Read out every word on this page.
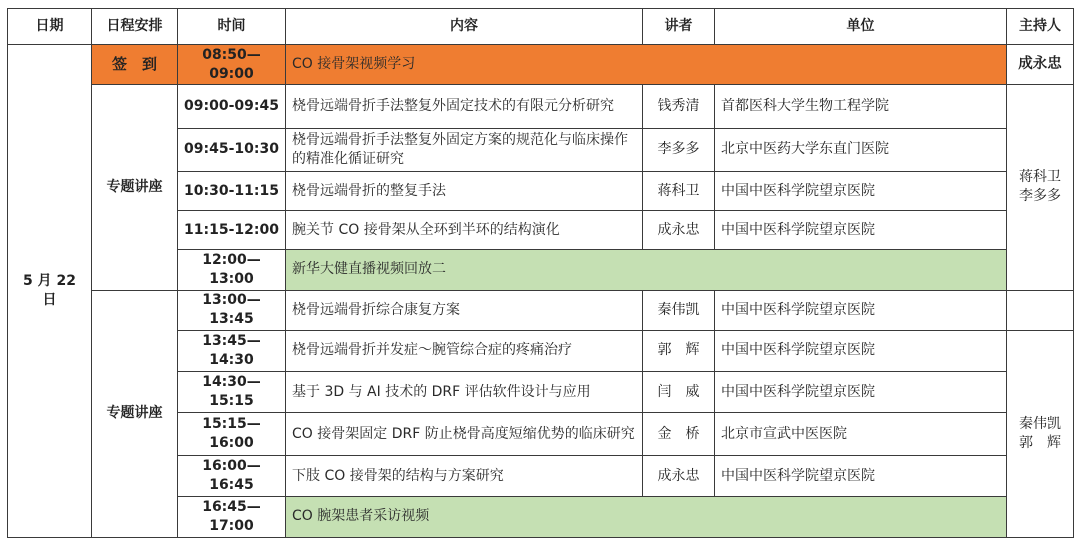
日期	日程安排	时间	内容	讲者	单位	主持人
5 月 22 日	签　到	08:50—09:00	CO 接骨架视频学习			成永忠
	专题讲座	09:00-09:45	桡骨远端骨折手法整复外固定技术的有限元分析研究	钱秀清	首都医科大学生物工程学院	蒋科卫
李多多

		09:45-10:30	桡骨远端骨折手法整复外固定方案的规范化与临床操作的精准化循证研究	李多多	北京中医药大学东直门医院	
		10:30-11:15	桡骨远端骨折的整复手法	蒋科卫	中国中医科学院望京医院	
		11:15-12:00	腕关节 CO 接骨架从全环到半环的结构演化	成永忠	中国中医科学院望京医院	
		12:00—13:00	新华大健直播视频回放二			
	专题讲座	13:00—13:45	桡骨远端骨折综合康复方案	秦伟凯	中国中医科学院望京医院	
		13:45—14:30	桡骨远端骨折并发症～腕管综合症的疼痛治疗	郭　辉	中国中医科学院望京医院	秦伟凯
郭　辉

		14:30—15:15	基于 3D 与 AI 技术的 DRF 评估软件设计与应用	闫　威	中国中医科学院望京医院	
		15:15—16:00	CO 接骨架固定 DRF 防止桡骨高度短缩优势的临床研究	金　桥	北京市宣武中医医院	
		16:00—16:45	下肢 CO 接骨架的结构与方案研究	成永忠	中国中医科学院望京医院	
		16:45—17:00	CO 腕架患者采访视频			
